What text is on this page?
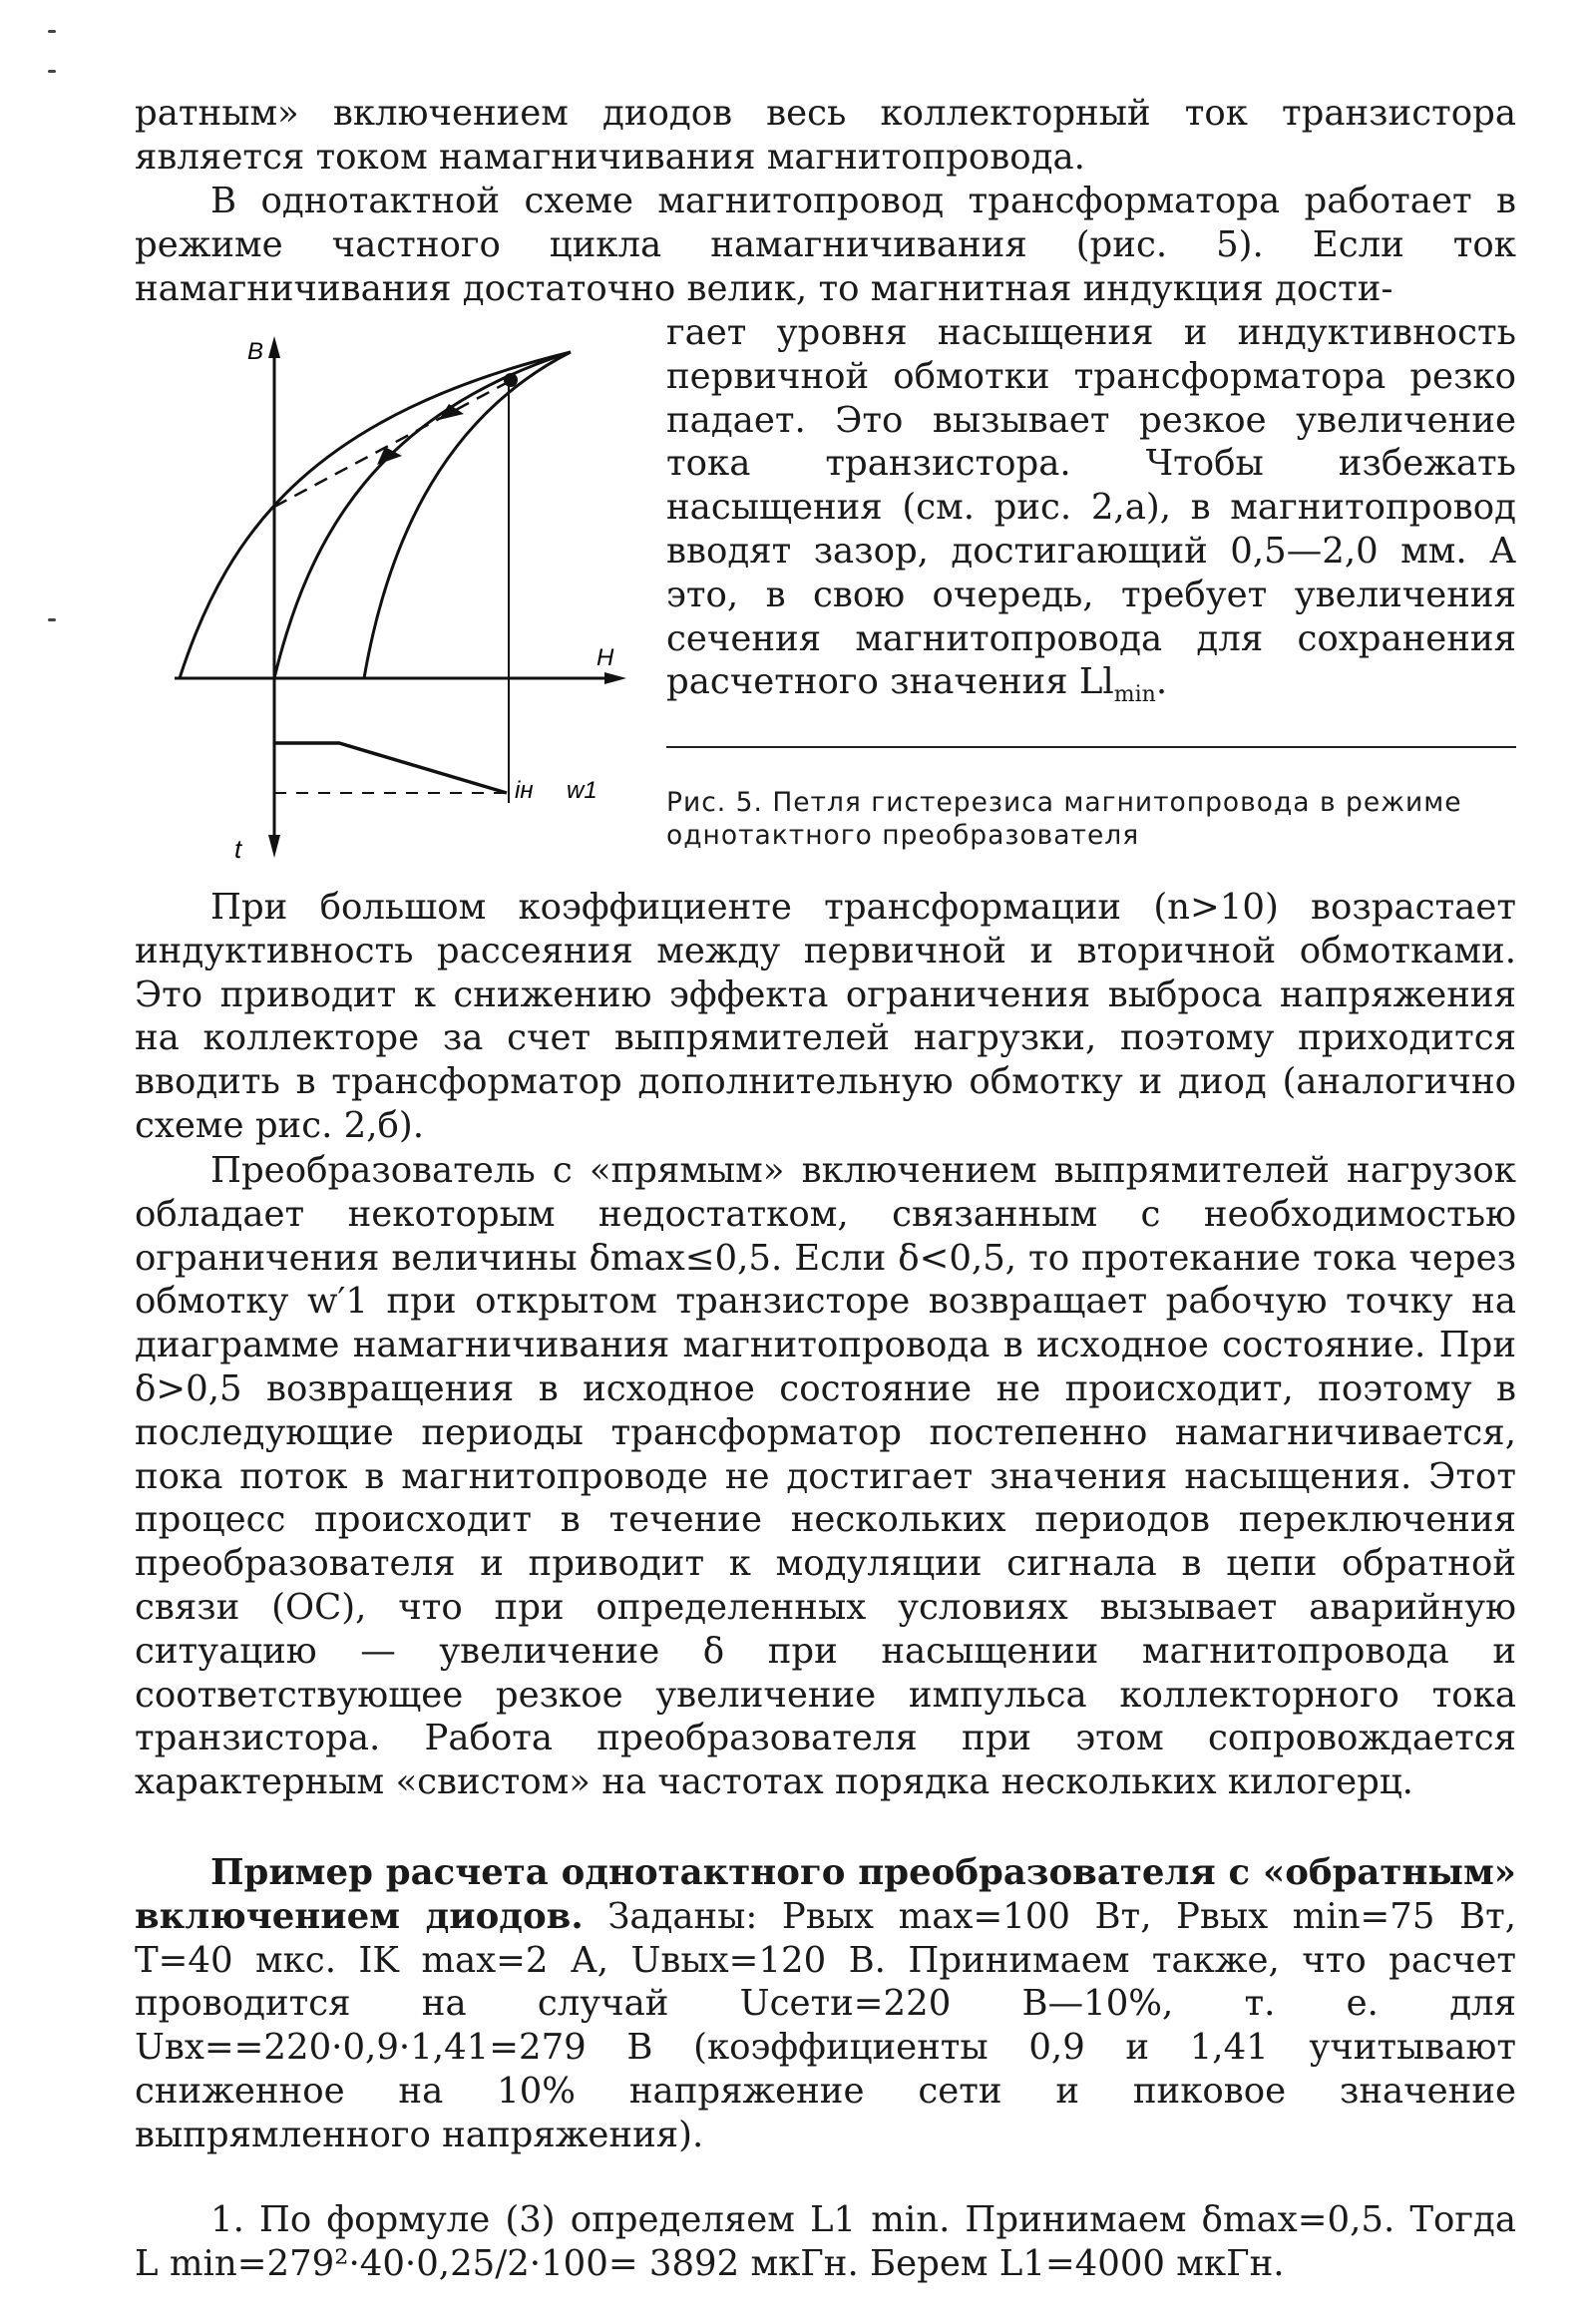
ратным» включением диодов весь коллекторный ток транзистора является током намагничивания магнитопровода.
В однотактной схеме магнитопровод трансформатора работает в режиме частного цикла намагничивания (рис. 5). Если ток намагничивания достаточно велик, то магнитная индукция дости-
гает уровня насыщения и индуктивность первичной обмотки трансформатора резко падает. Это вызывает резкое увеличение тока транзистора. Чтобы избежать насыщения (см. рис. 2,а), в магнитопровод вводят зазор, достигающий 0,5—2,0 мм. А это, в свою очередь, требует увеличения сечения магнитопровода для сохранения расчетного значения $Ll_{min}$.
B
H
t
iн w1	Рис. 5. Петля гистерезиса магнитопровода в режиме однотактного преобразователя
При большом коэффициенте трансформации (n>10) возрастает индуктивность рассеяния между первичной и вторичной обмотками. Это приводит к снижению эффекта ограничения выброса напряжения на коллекторе за счет выпрямителей нагрузки, поэтому приходится вводить в трансформатор дополнительную обмотку и диод (аналогично схеме рис. 2,б).
Преобразователь с «прямым» включением выпрямителей нагрузок обладает некоторым недостатком, связанным с необходимостью ограничения величины δmax≤0,5. Если δ<0,5, то протекание тока через обмотку w′1 при открытом транзисторе возвращает рабочую точку на диаграмме намагничивания магнитопровода в исходное состояние. При δ>0,5 возвращения в исходное состояние не происходит, поэтому в последующие периоды трансформатор постепенно намагничивается, пока поток в магнитопроводе не достигает значения насыщения. Этот процесс происходит в течение нескольких периодов переключения преобразователя и приводит к модуляции сигнала в цепи обратной связи (ОС), что при определенных условиях вызывает аварийную ситуацию — увеличение δ при насыщении магнитопровода и соответствующее резкое увеличение импульса коллекторного тока транзистора. Работа преобразователя при этом сопровождается характерным «свистом» на частотах порядка нескольких килогерц.
Пример расчета однотактного преобразователя с «обратным» включением диодов. Заданы: Pвых max=100 Вт, Pвых min=75 Вт, T=40 мкс. IK max=2 А, Uвых=120 В. Принимаем также, что расчет проводится на случай Uсети=220 В—10%, т. е. для Uвх==220·0,9·1,41=279 В (коэффициенты 0,9 и 1,41 учитывают сниженное на 10% напряжение сети и пиковое значение выпрямленного напряжения).
1. По формуле (3) определяем L1 min. Принимаем δmax=0,5. Тогда L min=279²·40·0,25/2·100= 3892 мкГн. Берем L1=4000 мкГн.
